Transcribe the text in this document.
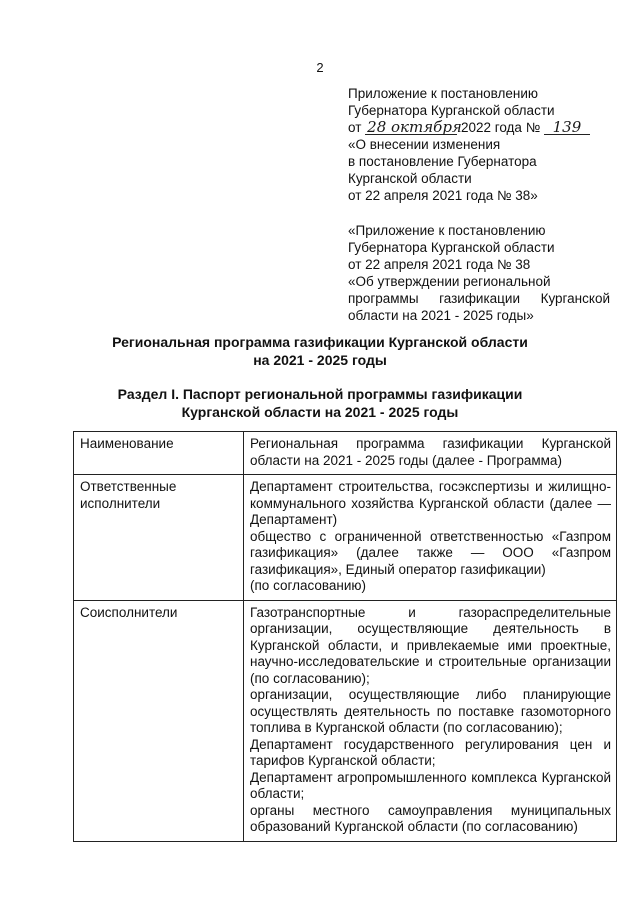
2
Приложение к постановлению
Губернатора Курганской области
от 28 октября 2022 года № 139
«О внесении изменения
в постановление Губернатора
Курганской области
от 22 апреля 2021 года № 38»
«Приложение к постановлению
Губернатора Курганской области
от 22 апреля 2021 года № 38
«Об утверждении региональной
программы газификации Курганской
области на 2021 - 2025 годы»
Региональная программа газификации Курганской области
на 2021 - 2025 годы
Раздел I. Паспорт региональной программы газификации
Курганской области на 2021 - 2025 годы
Наименование	Региональная программа газификации Курганской области на 2021 - 2025 годы (далее - Программа)

Ответственные исполнители	Департамент строительства, госэкспертизы и жилищно-коммунального хозяйства Курганской области (далее — Департамент)

общество с ограниченной ответственностью «Газпром газификация» (далее также — ООО «Газпром газификация», Единый оператор газификации)

(по согласованию)

Соисполнители	Газотранспортные и газораспределительные организации, осуществляющие деятельность в Курганской области, и привлекаемые ими проектные, научно-исследовательские и строительные организации (по согласованию);

организации, осуществляющие либо планирующие осуществлять деятельность по поставке газомоторного топлива в Курганской области (по согласованию);

Департамент государственного регулирования цен и тарифов Курганской области;

Департамент агропромышленного комплекса Курганской области;

органы местного самоуправления муниципальных образований Курганской области (по согласованию)
